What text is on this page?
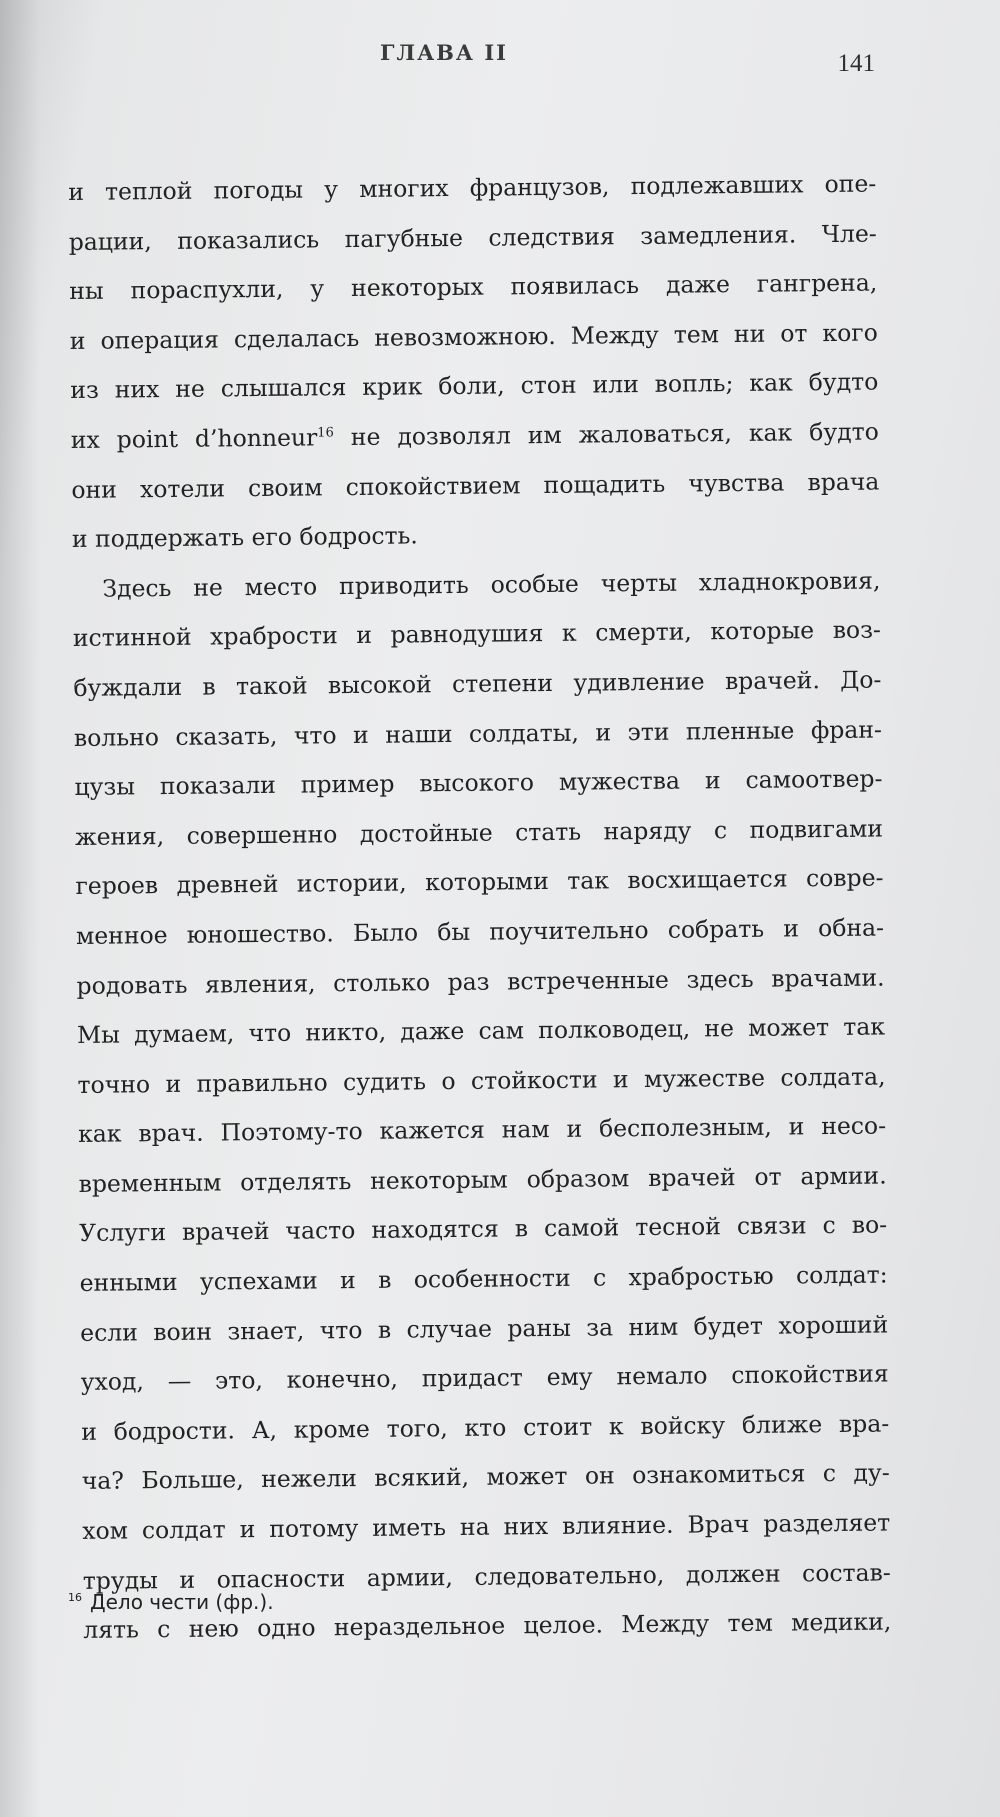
ГЛАВА II	141
и теплой погоды у многих французов, подлежавших опе-
рации, показались пагубные следствия замедления. Чле-
ны пораспухли, у некоторых появилась даже гангрена,
и операция сделалась невозможною. Между тем ни от кого
из них не слышался крик боли, стон или вопль; как будто
их point d’honneur$^{16}$ не дозволял им жаловаться, как будто
они хотели своим спокойствием пощадить чувства врача
и поддержать его бодрость.
Здесь не место приводить особые черты хладнокровия,
истинной храбрости и равнодушия к смерти, которые воз-
буждали в такой высокой степени удивление врачей. До-
вольно сказать, что и наши солдаты, и эти пленные фран-
цузы показали пример высокого мужества и самоотвер-
жения, совершенно достойные стать наряду с подвигами
героев древней истории, которыми так восхищается совре-
менное юношество. Было бы поучительно собрать и обна-
родовать явления, столько раз встреченные здесь врачами.
Мы думаем, что никто, даже сам полководец, не может так
точно и правильно судить о стойкости и мужестве солдата,
как врач. Поэтому-то кажется нам и бесполезным, и несо-
временным отделять некоторым образом врачей от армии.
Услуги врачей часто находятся в самой тесной связи с во-
енными успехами и в особенности с храбростью солдат:
если воин знает, что в случае раны за ним будет хороший
уход, — это, конечно, придаст ему немало спокойствия
и бодрости. А, кроме того, кто стоит к войску ближе вра-
ча? Больше, нежели всякий, может он ознакомиться с ду-
хом солдат и потому иметь на них влияние. Врач разделяет
труды и опасности армии, следовательно, должен состав-
лять с нею одно нераздельное целое. Между тем медики,
$^{16}$ Дело чести (фр.).
